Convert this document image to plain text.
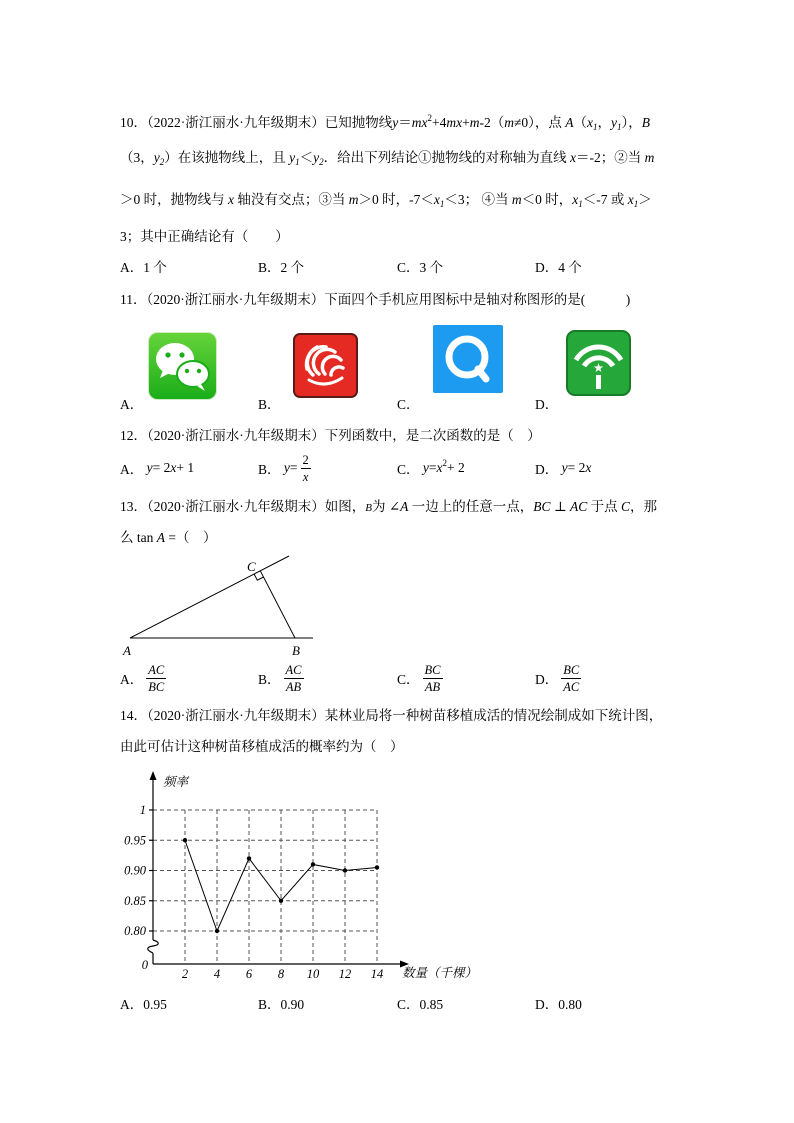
10．（2022·浙江丽水·九年级期末）已知抛物线$y=mx^2+4mx+m-2(m\ne 0)$，点 $A(x_1$，$y_1$），B
（3，$y_2$）在该抛物线上，且 $y_1<y_2$．给出下列结论①抛物线的对称轴为直线 x＝-2；②当 m
＞0 时，抛物线与 x 轴没有交点；③当 m＞0 时，$-7<x_1<3$； ④当 m＜0 时，$x_1<-7$ 或 $x_1>$
3；其中正确结论有（　　）
A．1 个	B．2 个	C．3 个	D．4 个
11．（2020·浙江丽水·九年级期末）下面四个手机应用图标中是轴对称图形的是(　　　)
A．	B．	C．	D．
12．（2020·浙江丽水·九年级期末）下列函数中，是二次函数的是（　）
A．
y = 2 x + 1	B．
$y = \frac{2}{x}$	C．
y = x 2 + 2	D．
y = 2 x
13．（2020·浙江丽水·九年级期末）如图，B为 ∠A 一边上的任意一点，BC ⊥ AC 于点 C，那
么 tan A =（　）
C
A	B
A． $\frac{AC}{BC}$	B． $\frac{AC}{AB}$	C． $\frac{BC}{AB}$	D． $\frac{BC}{AC}$
14．（2020·浙江丽水·九年级期末）某林业局将一种树苗移植成活的情况绘制成如下统计图，
由此可估计这种树苗移植成活的概率约为（　）
1
0.95
0.90
0.85
0.80
2 4 6 8 10 12 14
频率
0
数量（千棵）
A．0.95	B．0.90	C．0.85	D．0.80
